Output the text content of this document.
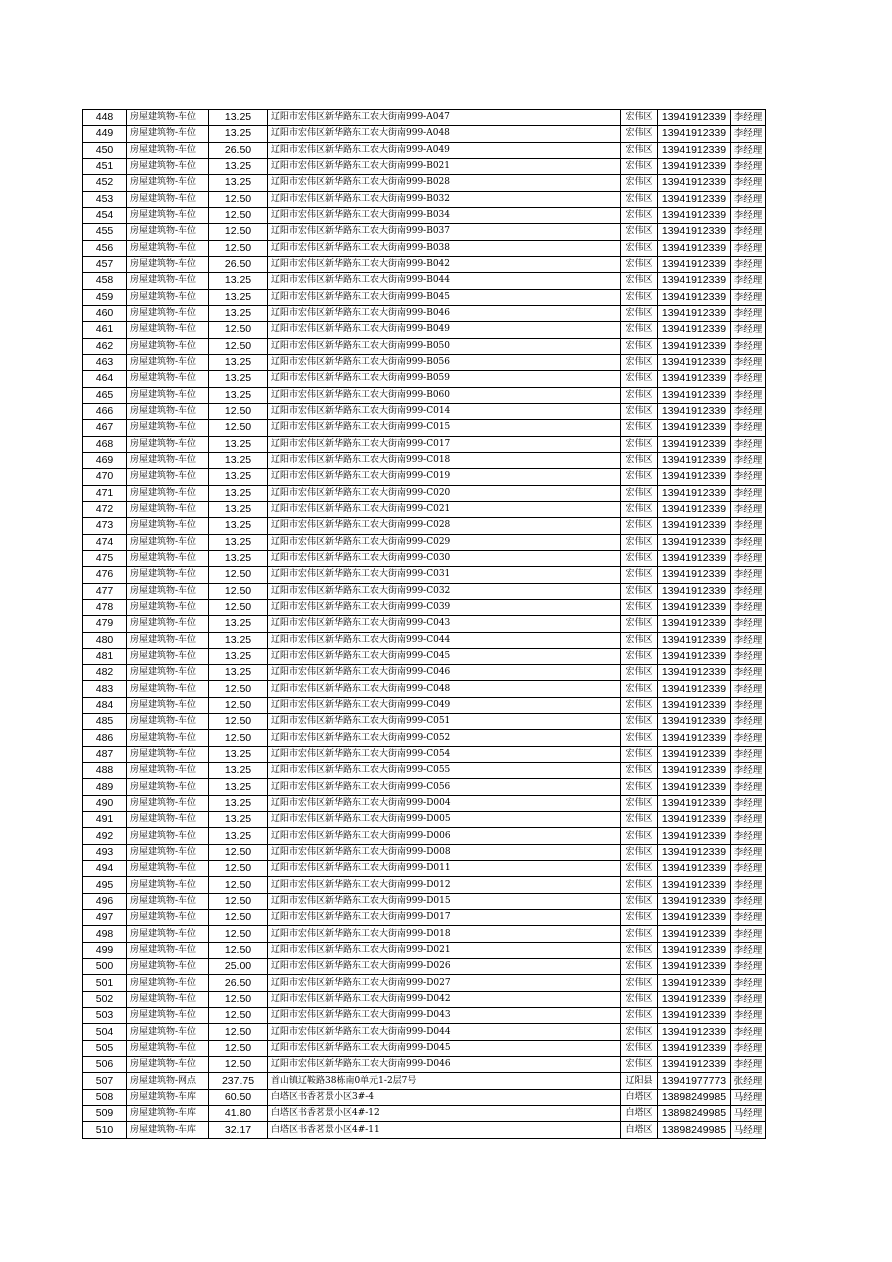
448	房屋建筑物-车位	13.25	辽阳市宏伟区新华路东工农大街南999-A047	宏伟区	13941912339	李经理
449	房屋建筑物-车位	13.25	辽阳市宏伟区新华路东工农大街南999-A048	宏伟区	13941912339	李经理
450	房屋建筑物-车位	26.50	辽阳市宏伟区新华路东工农大街南999-A049	宏伟区	13941912339	李经理
451	房屋建筑物-车位	13.25	辽阳市宏伟区新华路东工农大街南999-B021	宏伟区	13941912339	李经理
452	房屋建筑物-车位	13.25	辽阳市宏伟区新华路东工农大街南999-B028	宏伟区	13941912339	李经理
453	房屋建筑物-车位	12.50	辽阳市宏伟区新华路东工农大街南999-B032	宏伟区	13941912339	李经理
454	房屋建筑物-车位	12.50	辽阳市宏伟区新华路东工农大街南999-B034	宏伟区	13941912339	李经理
455	房屋建筑物-车位	12.50	辽阳市宏伟区新华路东工农大街南999-B037	宏伟区	13941912339	李经理
456	房屋建筑物-车位	12.50	辽阳市宏伟区新华路东工农大街南999-B038	宏伟区	13941912339	李经理
457	房屋建筑物-车位	26.50	辽阳市宏伟区新华路东工农大街南999-B042	宏伟区	13941912339	李经理
458	房屋建筑物-车位	13.25	辽阳市宏伟区新华路东工农大街南999-B044	宏伟区	13941912339	李经理
459	房屋建筑物-车位	13.25	辽阳市宏伟区新华路东工农大街南999-B045	宏伟区	13941912339	李经理
460	房屋建筑物-车位	13.25	辽阳市宏伟区新华路东工农大街南999-B046	宏伟区	13941912339	李经理
461	房屋建筑物-车位	12.50	辽阳市宏伟区新华路东工农大街南999-B049	宏伟区	13941912339	李经理
462	房屋建筑物-车位	12.50	辽阳市宏伟区新华路东工农大街南999-B050	宏伟区	13941912339	李经理
463	房屋建筑物-车位	13.25	辽阳市宏伟区新华路东工农大街南999-B056	宏伟区	13941912339	李经理
464	房屋建筑物-车位	13.25	辽阳市宏伟区新华路东工农大街南999-B059	宏伟区	13941912339	李经理
465	房屋建筑物-车位	13.25	辽阳市宏伟区新华路东工农大街南999-B060	宏伟区	13941912339	李经理
466	房屋建筑物-车位	12.50	辽阳市宏伟区新华路东工农大街南999-C014	宏伟区	13941912339	李经理
467	房屋建筑物-车位	12.50	辽阳市宏伟区新华路东工农大街南999-C015	宏伟区	13941912339	李经理
468	房屋建筑物-车位	13.25	辽阳市宏伟区新华路东工农大街南999-C017	宏伟区	13941912339	李经理
469	房屋建筑物-车位	13.25	辽阳市宏伟区新华路东工农大街南999-C018	宏伟区	13941912339	李经理
470	房屋建筑物-车位	13.25	辽阳市宏伟区新华路东工农大街南999-C019	宏伟区	13941912339	李经理
471	房屋建筑物-车位	13.25	辽阳市宏伟区新华路东工农大街南999-C020	宏伟区	13941912339	李经理
472	房屋建筑物-车位	13.25	辽阳市宏伟区新华路东工农大街南999-C021	宏伟区	13941912339	李经理
473	房屋建筑物-车位	13.25	辽阳市宏伟区新华路东工农大街南999-C028	宏伟区	13941912339	李经理
474	房屋建筑物-车位	13.25	辽阳市宏伟区新华路东工农大街南999-C029	宏伟区	13941912339	李经理
475	房屋建筑物-车位	13.25	辽阳市宏伟区新华路东工农大街南999-C030	宏伟区	13941912339	李经理
476	房屋建筑物-车位	12.50	辽阳市宏伟区新华路东工农大街南999-C031	宏伟区	13941912339	李经理
477	房屋建筑物-车位	12.50	辽阳市宏伟区新华路东工农大街南999-C032	宏伟区	13941912339	李经理
478	房屋建筑物-车位	12.50	辽阳市宏伟区新华路东工农大街南999-C039	宏伟区	13941912339	李经理
479	房屋建筑物-车位	13.25	辽阳市宏伟区新华路东工农大街南999-C043	宏伟区	13941912339	李经理
480	房屋建筑物-车位	13.25	辽阳市宏伟区新华路东工农大街南999-C044	宏伟区	13941912339	李经理
481	房屋建筑物-车位	13.25	辽阳市宏伟区新华路东工农大街南999-C045	宏伟区	13941912339	李经理
482	房屋建筑物-车位	13.25	辽阳市宏伟区新华路东工农大街南999-C046	宏伟区	13941912339	李经理
483	房屋建筑物-车位	12.50	辽阳市宏伟区新华路东工农大街南999-C048	宏伟区	13941912339	李经理
484	房屋建筑物-车位	12.50	辽阳市宏伟区新华路东工农大街南999-C049	宏伟区	13941912339	李经理
485	房屋建筑物-车位	12.50	辽阳市宏伟区新华路东工农大街南999-C051	宏伟区	13941912339	李经理
486	房屋建筑物-车位	12.50	辽阳市宏伟区新华路东工农大街南999-C052	宏伟区	13941912339	李经理
487	房屋建筑物-车位	13.25	辽阳市宏伟区新华路东工农大街南999-C054	宏伟区	13941912339	李经理
488	房屋建筑物-车位	13.25	辽阳市宏伟区新华路东工农大街南999-C055	宏伟区	13941912339	李经理
489	房屋建筑物-车位	13.25	辽阳市宏伟区新华路东工农大街南999-C056	宏伟区	13941912339	李经理
490	房屋建筑物-车位	13.25	辽阳市宏伟区新华路东工农大街南999-D004	宏伟区	13941912339	李经理
491	房屋建筑物-车位	13.25	辽阳市宏伟区新华路东工农大街南999-D005	宏伟区	13941912339	李经理
492	房屋建筑物-车位	13.25	辽阳市宏伟区新华路东工农大街南999-D006	宏伟区	13941912339	李经理
493	房屋建筑物-车位	12.50	辽阳市宏伟区新华路东工农大街南999-D008	宏伟区	13941912339	李经理
494	房屋建筑物-车位	12.50	辽阳市宏伟区新华路东工农大街南999-D011	宏伟区	13941912339	李经理
495	房屋建筑物-车位	12.50	辽阳市宏伟区新华路东工农大街南999-D012	宏伟区	13941912339	李经理
496	房屋建筑物-车位	12.50	辽阳市宏伟区新华路东工农大街南999-D015	宏伟区	13941912339	李经理
497	房屋建筑物-车位	12.50	辽阳市宏伟区新华路东工农大街南999-D017	宏伟区	13941912339	李经理
498	房屋建筑物-车位	12.50	辽阳市宏伟区新华路东工农大街南999-D018	宏伟区	13941912339	李经理
499	房屋建筑物-车位	12.50	辽阳市宏伟区新华路东工农大街南999-D021	宏伟区	13941912339	李经理
500	房屋建筑物-车位	25.00	辽阳市宏伟区新华路东工农大街南999-D026	宏伟区	13941912339	李经理
501	房屋建筑物-车位	26.50	辽阳市宏伟区新华路东工农大街南999-D027	宏伟区	13941912339	李经理
502	房屋建筑物-车位	12.50	辽阳市宏伟区新华路东工农大街南999-D042	宏伟区	13941912339	李经理
503	房屋建筑物-车位	12.50	辽阳市宏伟区新华路东工农大街南999-D043	宏伟区	13941912339	李经理
504	房屋建筑物-车位	12.50	辽阳市宏伟区新华路东工农大街南999-D044	宏伟区	13941912339	李经理
505	房屋建筑物-车位	12.50	辽阳市宏伟区新华路东工农大街南999-D045	宏伟区	13941912339	李经理
506	房屋建筑物-车位	12.50	辽阳市宏伟区新华路东工农大街南999-D046	宏伟区	13941912339	李经理
507	房屋建筑物-网点	237.75	首山镇辽鞍路38栋南0单元1-2层7号	辽阳县	13941977773	张经理
508	房屋建筑物-车库	60.50	白塔区书香茗景小区3#-4	白塔区	13898249985	马经理
509	房屋建筑物-车库	41.80	白塔区书香茗景小区4#-12	白塔区	13898249985	马经理
510	房屋建筑物-车库	32.17	白塔区书香茗景小区4#-11	白塔区	13898249985	马经理
